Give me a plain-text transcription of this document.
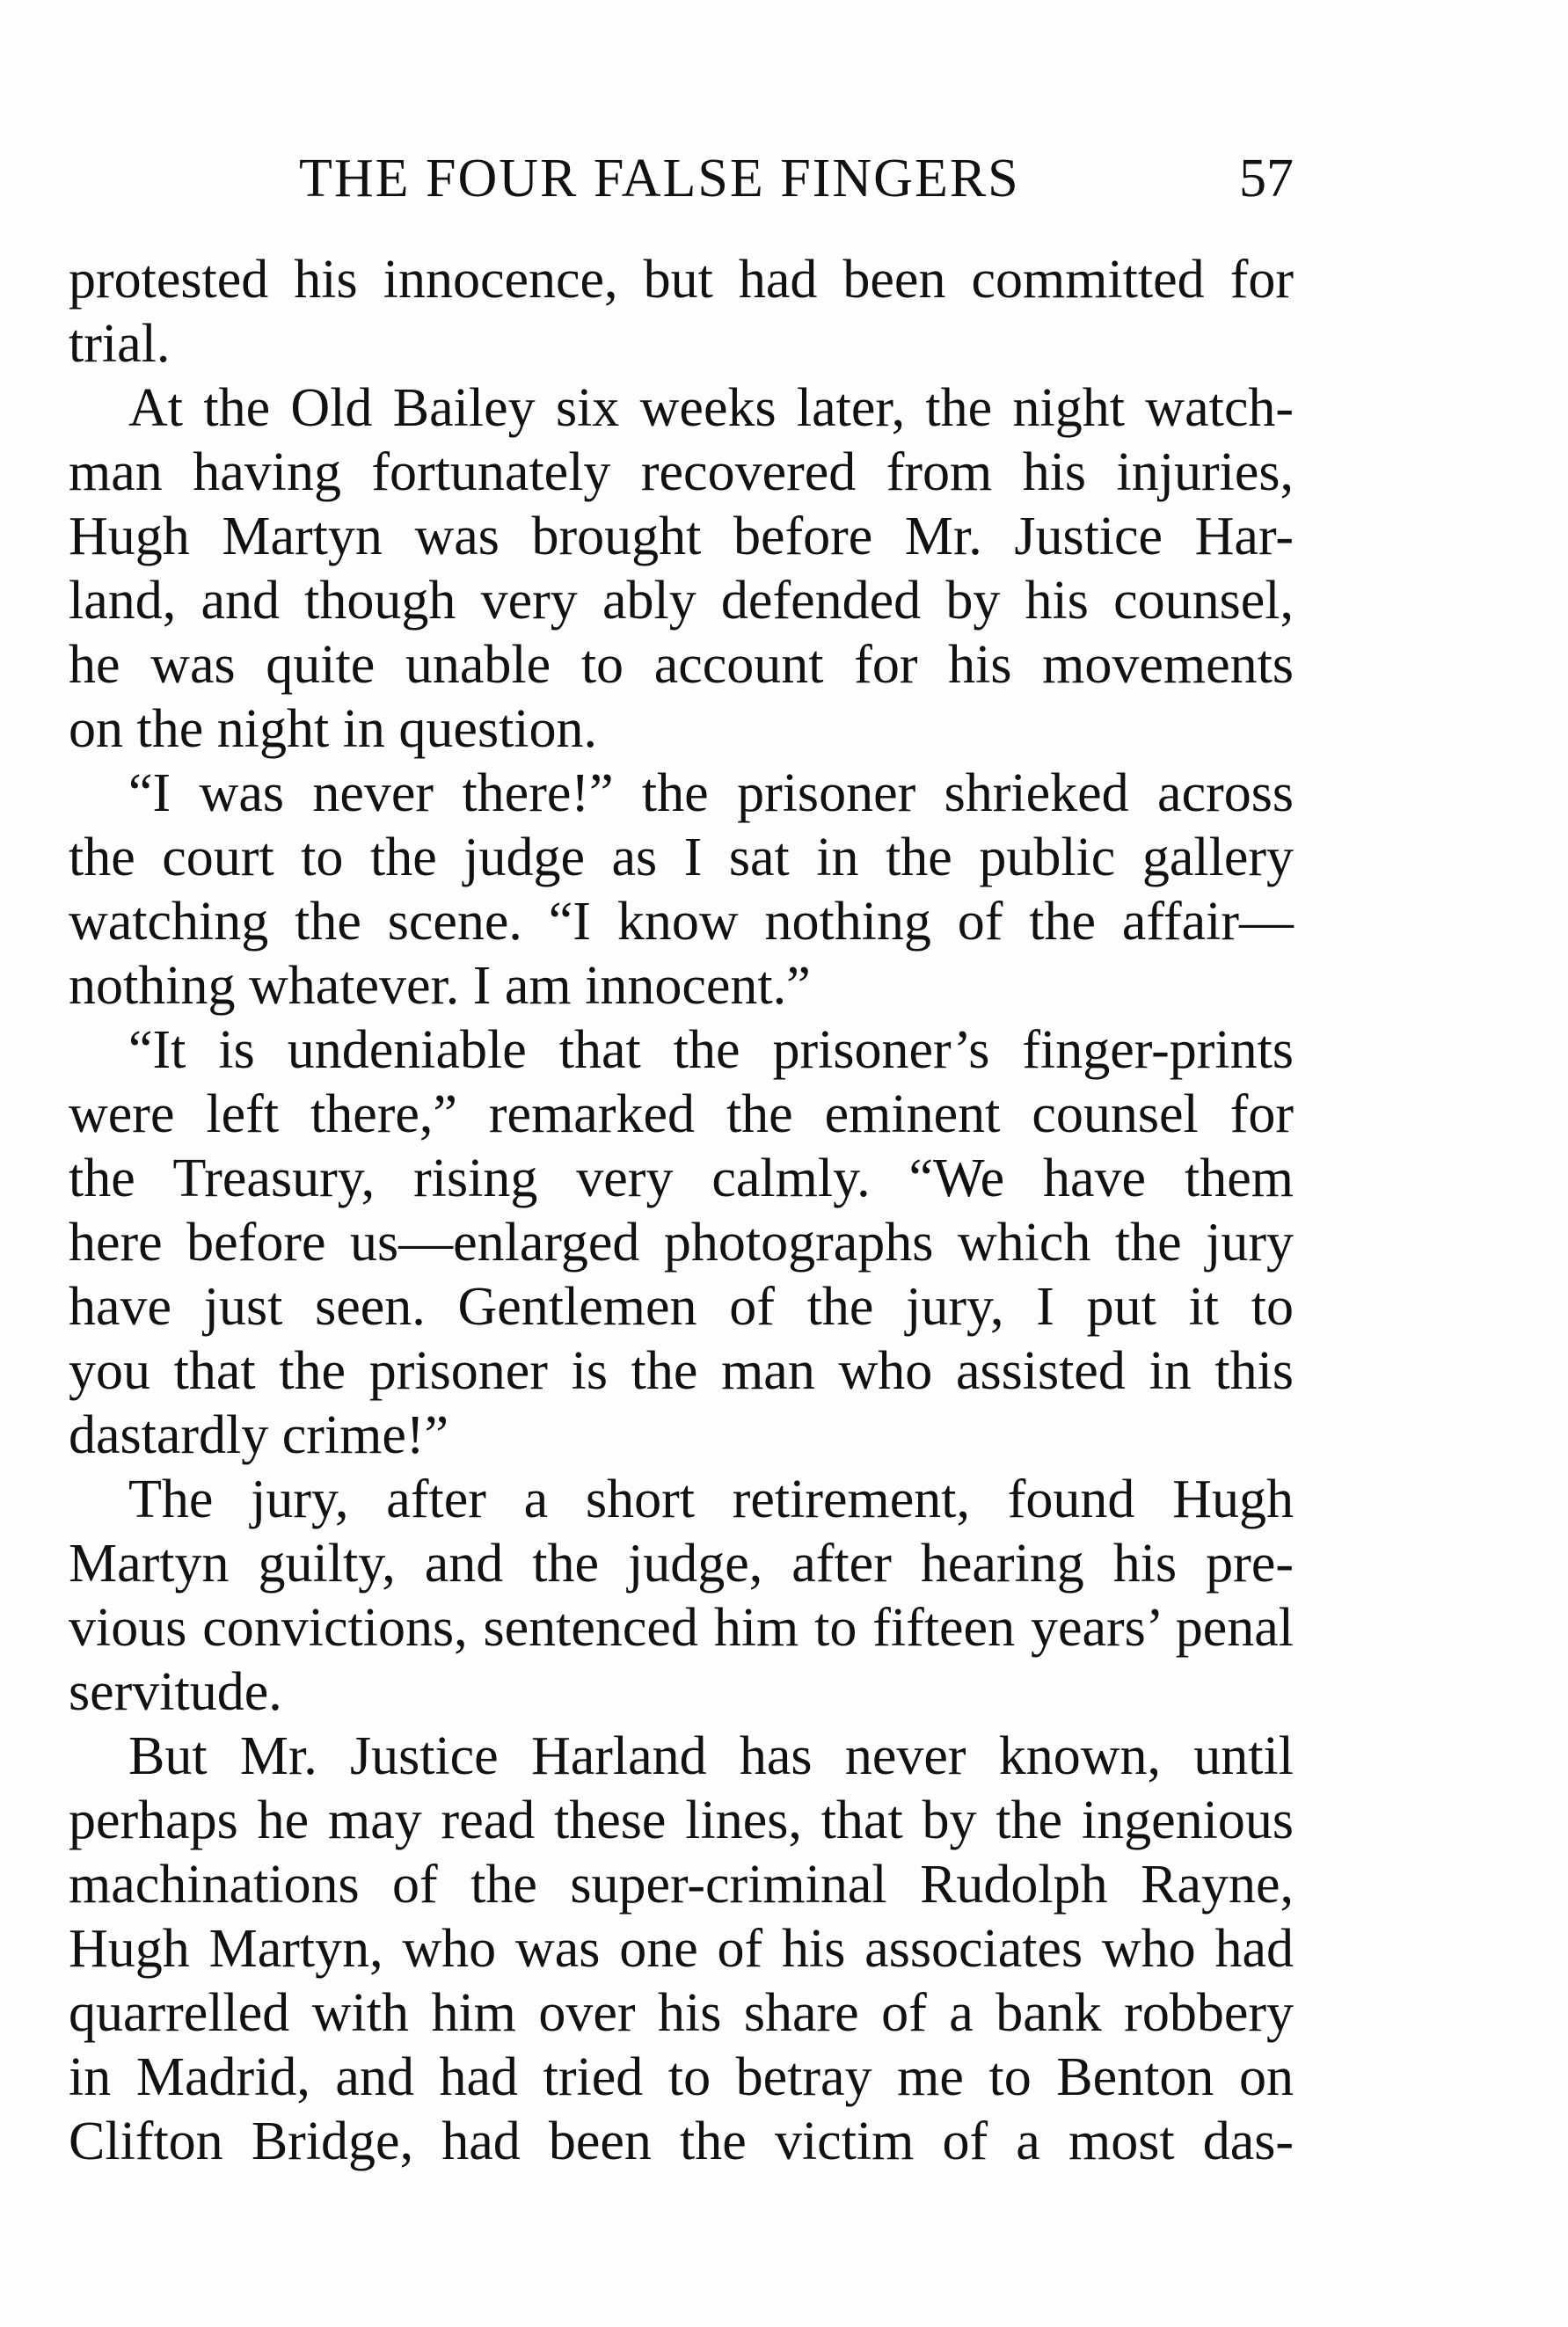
THE FOUR FALSE FINGERS	57
protested his innocence, but had been committed for
trial.
At the Old Bailey six weeks later, the night watch-
man having fortunately recovered from his injuries,
Hugh Martyn was brought before Mr. Justice Har-
land, and though very ably defended by his counsel,
he was quite unable to account for his movements
on the night in question.
“I was never there!” the prisoner shrieked across
the court to the judge as I sat in the public gallery
watching the scene. “I know nothing of the affair—
nothing whatever. I am innocent.”
“It is undeniable that the prisoner’s finger-prints
were left there,” remarked the eminent counsel for
the Treasury, rising very calmly. “We have them
here before us—enlarged photographs which the jury
have just seen. Gentlemen of the jury, I put it to
you that the prisoner is the man who assisted in this
dastardly crime!”
The jury, after a short retirement, found Hugh
Martyn guilty, and the judge, after hearing his pre-
vious convictions, sentenced him to fifteen years’ penal
servitude.
But Mr. Justice Harland has never known, until
perhaps he may read these lines, that by the ingenious
machinations of the super-criminal Rudolph Rayne,
Hugh Martyn, who was one of his associates who had
quarrelled with him over his share of a bank robbery
in Madrid, and had tried to betray me to Benton on
Clifton Bridge, had been the victim of a most das-
